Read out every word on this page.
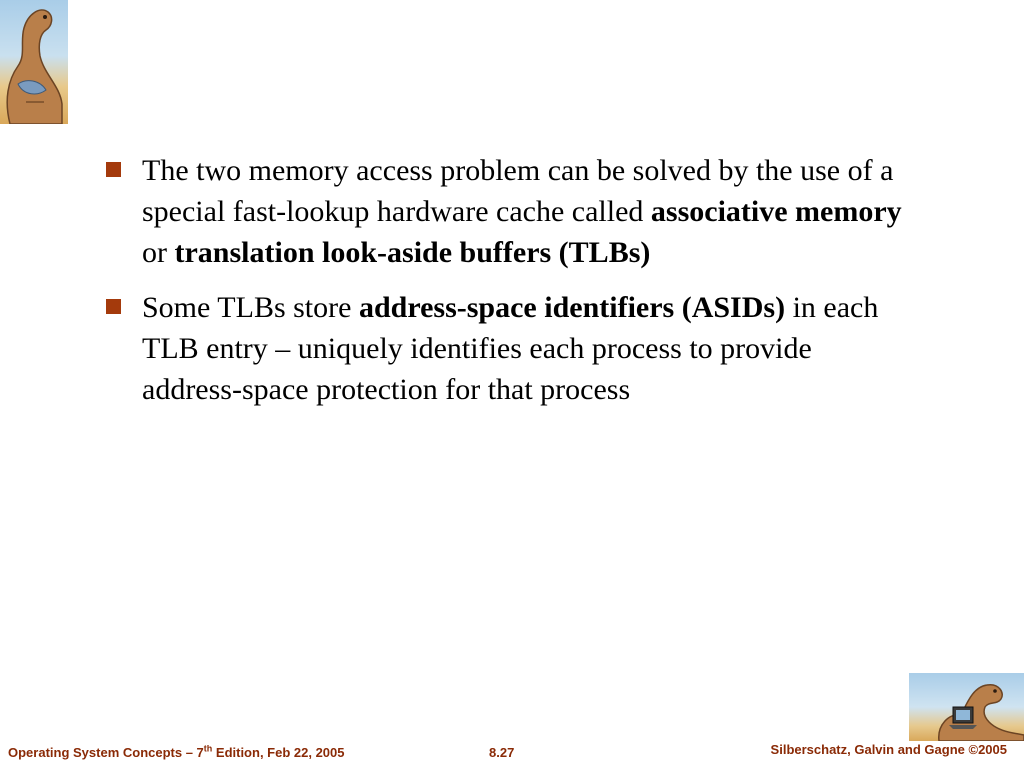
The two memory access problem can be solved by the use of a special fast-lookup hardware cache called associative memory or translation look-aside buffers (TLBs)
Some TLBs store address-space identifiers (ASIDs) in each TLB entry – uniquely identifies each process to provide address-space protection for that process
Operating System Concepts – 7th Edition, Feb 22, 2005	8.27	Silberschatz, Galvin and Gagne ©2005
